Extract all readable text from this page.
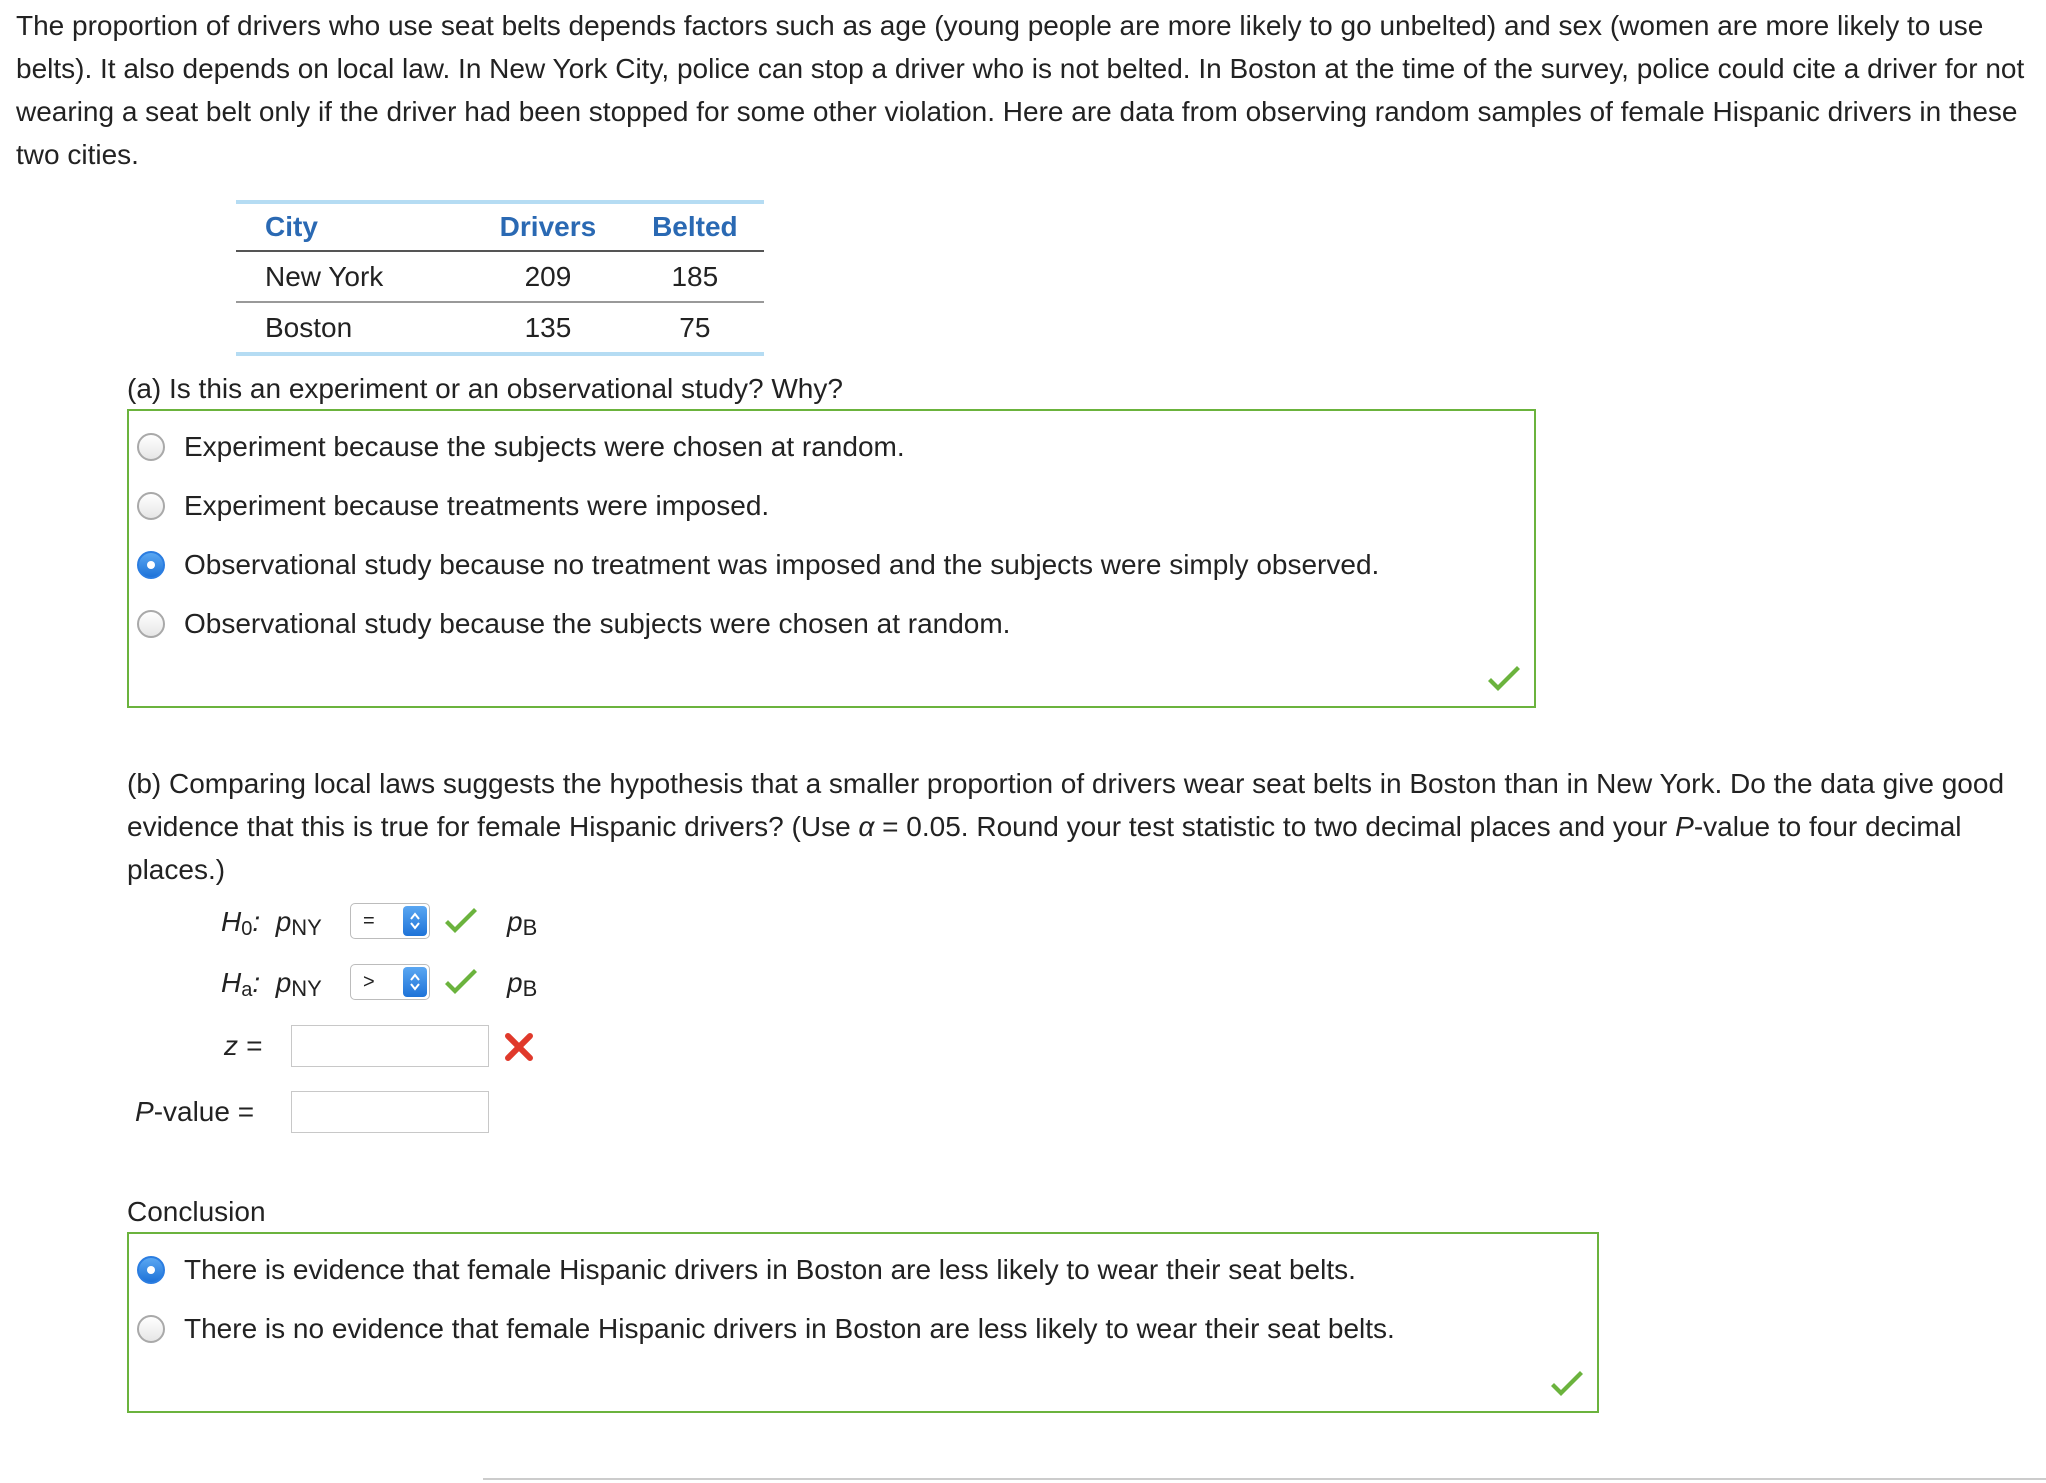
The proportion of drivers who use seat belts depends factors such as age (young people are more likely to go unbelted) and sex (women are more likely to use belts). It also depends on local law. In New York City, police can stop a driver who is not belted. In Boston at the time of the survey, police could cite a driver for not wearing a seat belt only if the driver had been stopped for some other violation. Here are data from observing random samples of female Hispanic drivers in these two cities.

City	Drivers	Belted
New York	209	185
Boston	135	75

(a) Is this an experiment or an observational study? Why?

Experiment because the subjects were chosen at random.
Experiment because treatments were imposed.
Observational study because no treatment was imposed and the subjects were simply observed.
Observational study because the subjects were chosen at random.

(b) Comparing local laws suggests the hypothesis that a smaller proportion of drivers wear seat belts in Boston than in New York. Do the data give good evidence that this is true for female Hispanic drivers? (Use α = 0.05. Round your test statistic to two decimal places and your P-value to four decimal places.)

$H_0$:  pNY	=	pB
$H_a$:  pNY	>	pB
z =
P-value =

Conclusion

There is evidence that female Hispanic drivers in Boston are less likely to wear their seat belts.
There is no evidence that female Hispanic drivers in Boston are less likely to wear their seat belts.
